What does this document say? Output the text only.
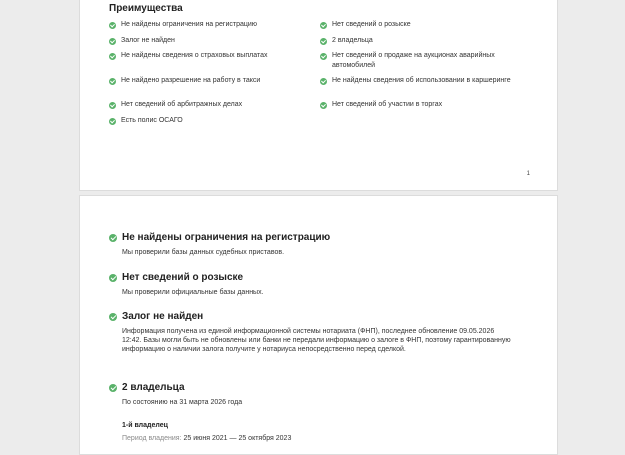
Преимущества
Не найдены ограничения на регистрацию
Залог не найден
Не найдены сведения о страховых выплатах
Не найдено разрешение на работу в такси
Нет сведений об арбитражных делах
Есть полис ОСАГО
Нет сведений о розыске
2 владельца
Нет сведений о продаже на аукционах аварийных автомобилей
Не найдены сведения об использовании в каршеринге
Нет сведений об участии в торгах
1
Не найдены ограничения на регистрацию
Мы проверили базы данных судебных приставов.
Нет сведений о розыске
Мы проверили официальные базы данных.
Залог не найден
Информация получена из единой информационной системы нотариата (ФНП), последнее обновление 09.05.2026 12:42. Базы могли быть не обновлены или банки не передали информацию о залоге в ФНП, поэтому гарантированную информацию о наличии залога получите у нотариуса непосредственно перед сделкой.
2 владельца
По состоянию на 31 марта 2026 года
1-й владелец
Период владения: 25 июня 2021 — 25 октября 2023
